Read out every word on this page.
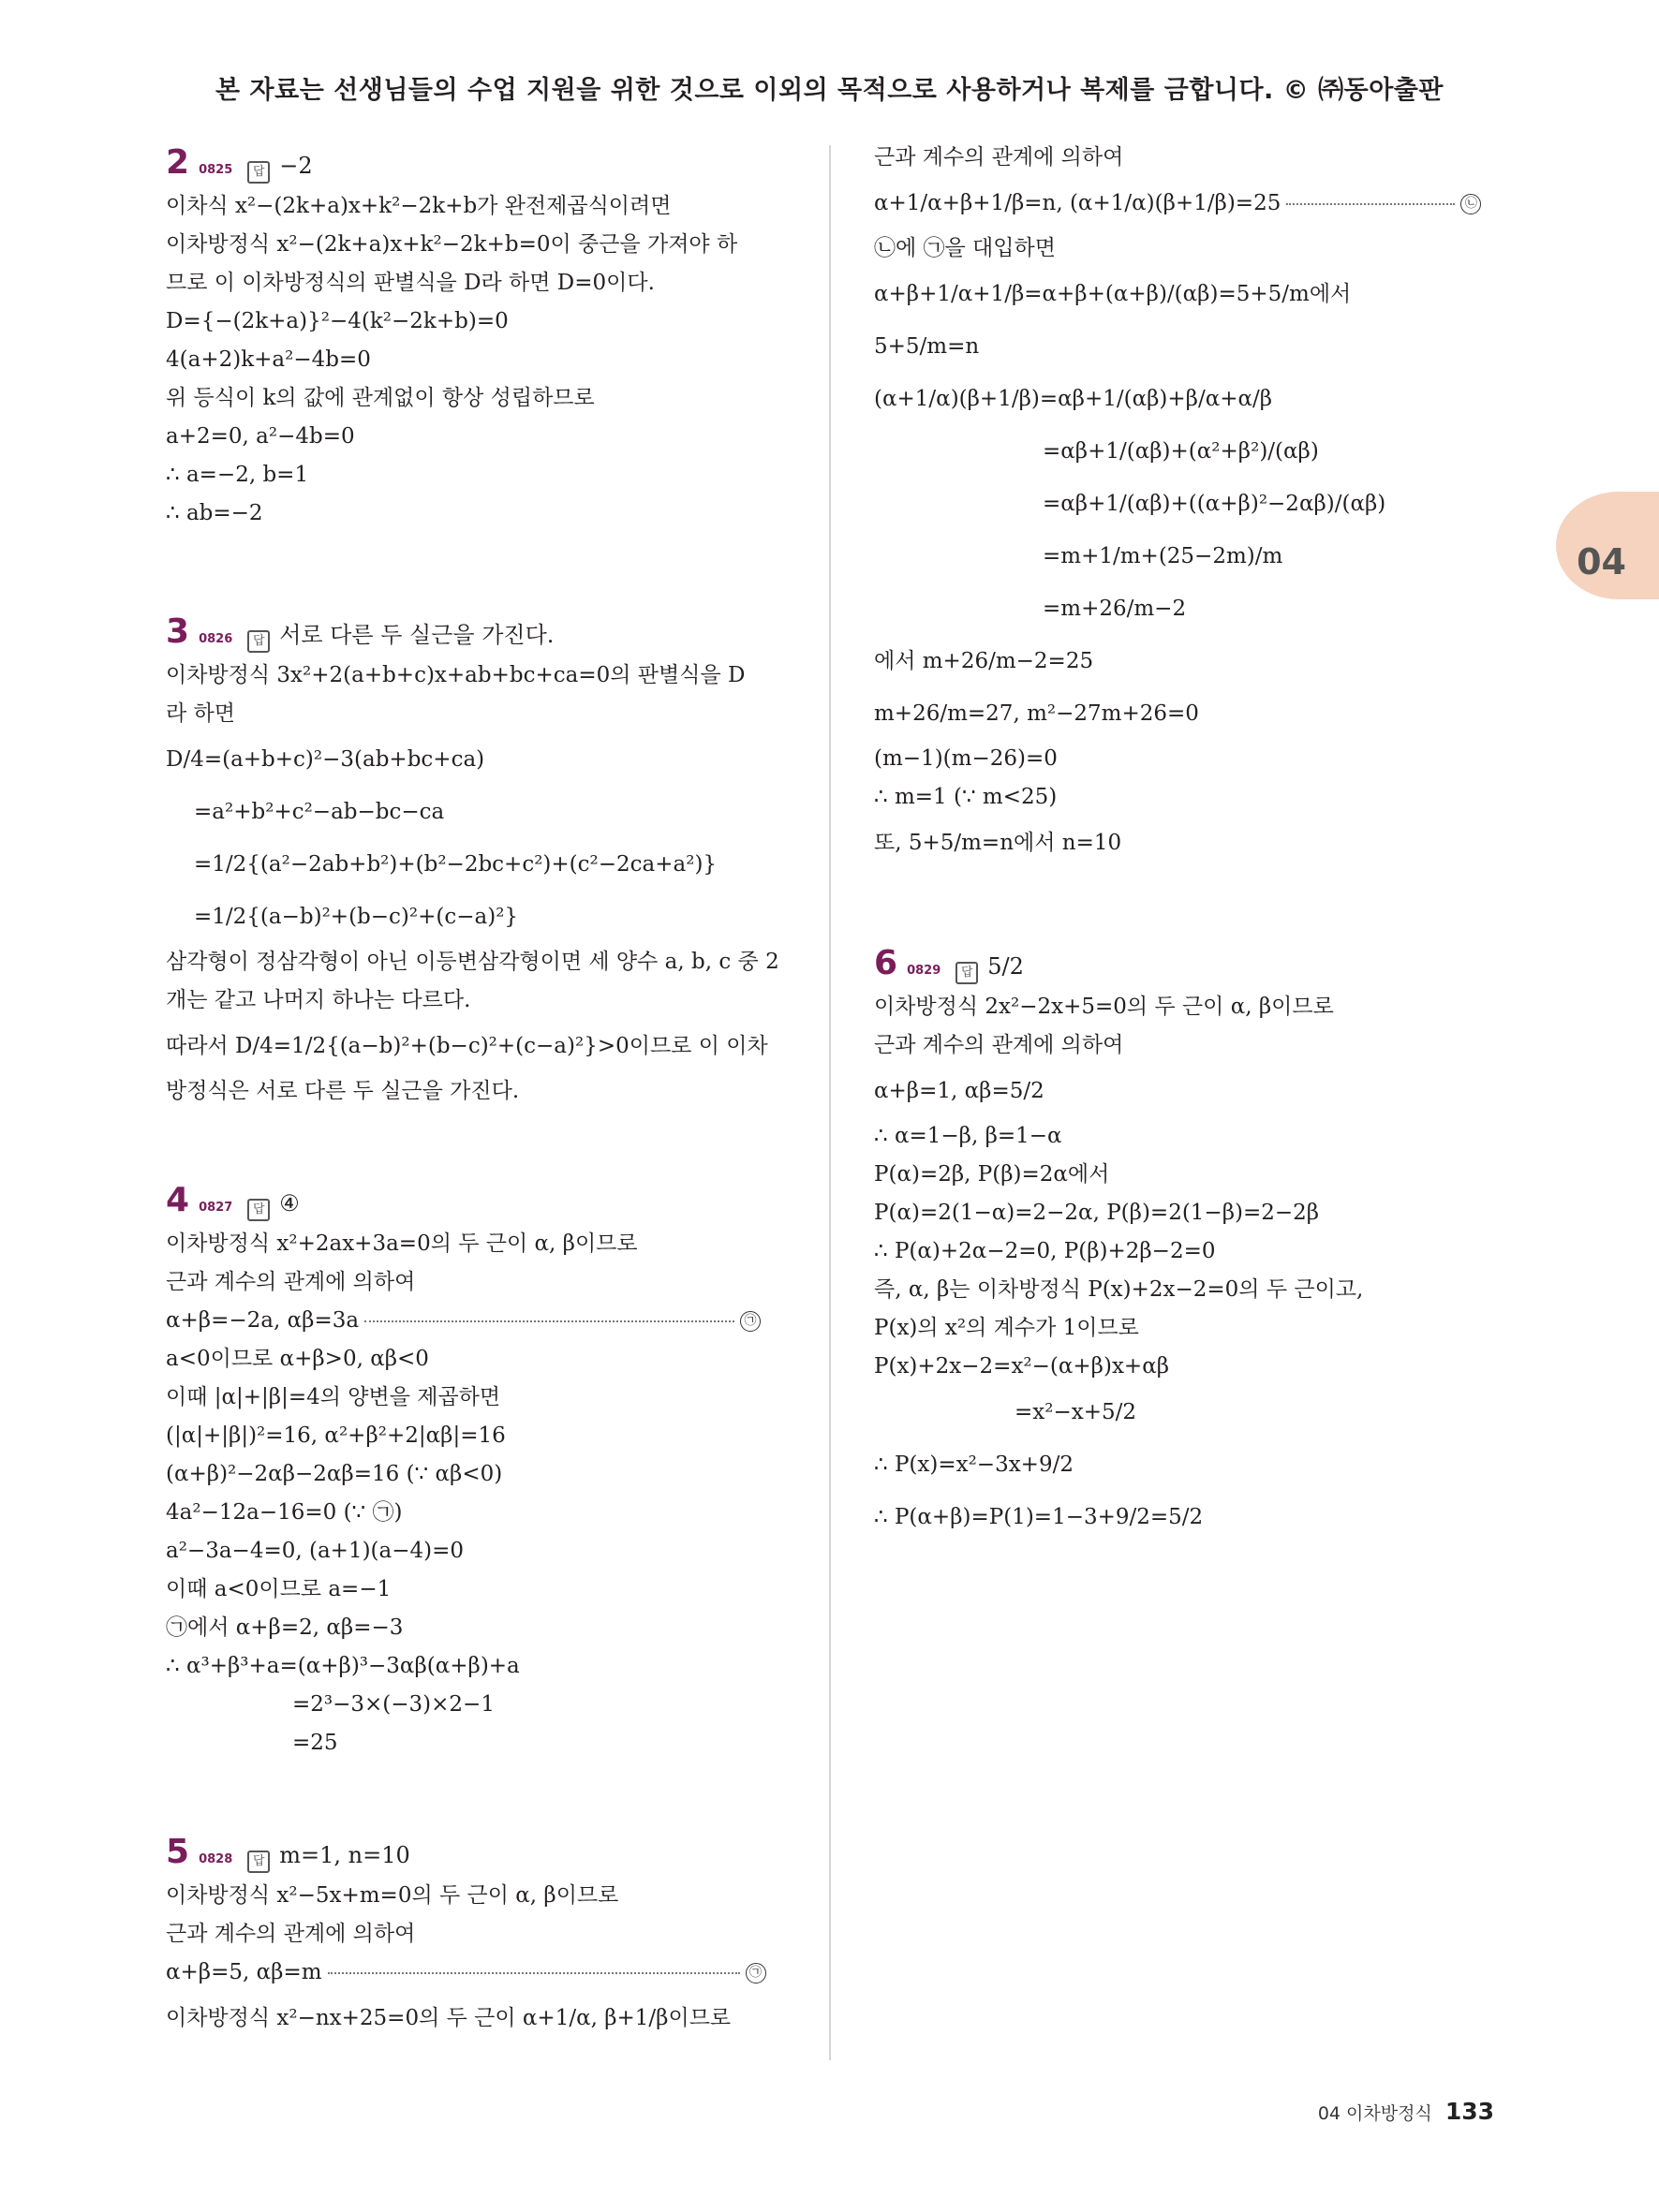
본 자료는 선생님들의 수업 지원을 위한 것으로 이외의 목적으로 사용하거나 복제를 금합니다. © ㈜동아출판
04
2 0825	답 −2
이차식 x²−(2k+a)x+k²−2k+b가 완전제곱식이려면
이차방정식 x²−(2k+a)x+k²−2k+b=0이 중근을 가져야 하
므로 이 이차방정식의 판별식을 D라 하면 D=0이다.
D={−(2k+a)}²−4(k²−2k+b)=0
4(a+2)k+a²−4b=0
위 등식이 k의 값에 관계없이 항상 성립하므로
a+2=0, a²−4b=0
∴ a=−2, b=1
∴ ab=−2
3 0826	답 서로 다른 두 실근을 가진다.
이차방정식 3x²+2(a+b+c)x+ab+bc+ca=0의 판별식을 D
라 하면
D/4=(a+b+c)²−3(ab+bc+ca)
=a²+b²+c²−ab−bc−ca
=1/2{(a²−2ab+b²)+(b²−2bc+c²)+(c²−2ca+a²)}
=1/2{(a−b)²+(b−c)²+(c−a)²}
삼각형이 정삼각형이 아닌 이등변삼각형이면 세 양수 a, b, c 중 2
개는 같고 나머지 하나는 다르다.
따라서 D/4=1/2{(a−b)²+(b−c)²+(c−a)²}>0이므로 이 이차
방정식은 서로 다른 두 실근을 가진다.
4 0827	답 ④
이차방정식 x²+2ax+3a=0의 두 근이 α, β이므로
근과 계수의 관계에 의하여
α+β=−2a, αβ=3a	㉠
a<0이므로 α+β>0, αβ<0
이때 |α|+|β|=4의 양변을 제곱하면
(|α|+|β|)²=16, α²+β²+2|αβ|=16
(α+β)²−2αβ−2αβ=16 (∵ αβ<0)
4a²−12a−16=0 (∵ ㉠)
a²−3a−4=0, (a+1)(a−4)=0
이때 a<0이므로 a=−1
㉠에서 α+β=2, αβ=−3
∴ α³+β³+a=(α+β)³−3αβ(α+β)+a
=2³−3×(−3)×2−1
=25
5 0828	답 m=1, n=10
이차방정식 x²−5x+m=0의 두 근이 α, β이므로
근과 계수의 관계에 의하여
α+β=5, αβ=m	㉠
이차방정식 x²−nx+25=0의 두 근이 α+1/α, β+1/β이므로
근과 계수의 관계에 의하여
α+1/α+β+1/β=n, (α+1/α)(β+1/β)=25	㉡
㉡에 ㉠을 대입하면
α+β+1/α+1/β=α+β+(α+β)/(αβ)=5+5/m에서
5+5/m=n
(α+1/α)(β+1/β)=αβ+1/(αβ)+β/α+α/β
=αβ+1/(αβ)+(α²+β²)/(αβ)
=αβ+1/(αβ)+((α+β)²−2αβ)/(αβ)
=m+1/m+(25−2m)/m
=m+26/m−2
에서 m+26/m−2=25
m+26/m=27, m²−27m+26=0
(m−1)(m−26)=0
∴ m=1 (∵ m<25)
또, 5+5/m=n에서 n=10
6 0829	답 5/2
이차방정식 2x²−2x+5=0의 두 근이 α, β이므로
근과 계수의 관계에 의하여
α+β=1, αβ=5/2
∴ α=1−β, β=1−α
P(α)=2β, P(β)=2α에서
P(α)=2(1−α)=2−2α, P(β)=2(1−β)=2−2β
∴ P(α)+2α−2=0, P(β)+2β−2=0
즉, α, β는 이차방정식 P(x)+2x−2=0의 두 근이고,
P(x)의 x²의 계수가 1이므로
P(x)+2x−2=x²−(α+β)x+αβ
=x²−x+5/2
∴ P(x)=x²−3x+9/2
∴ P(α+β)=P(1)=1−3+9/2=5/2
04 이차방정식 133
